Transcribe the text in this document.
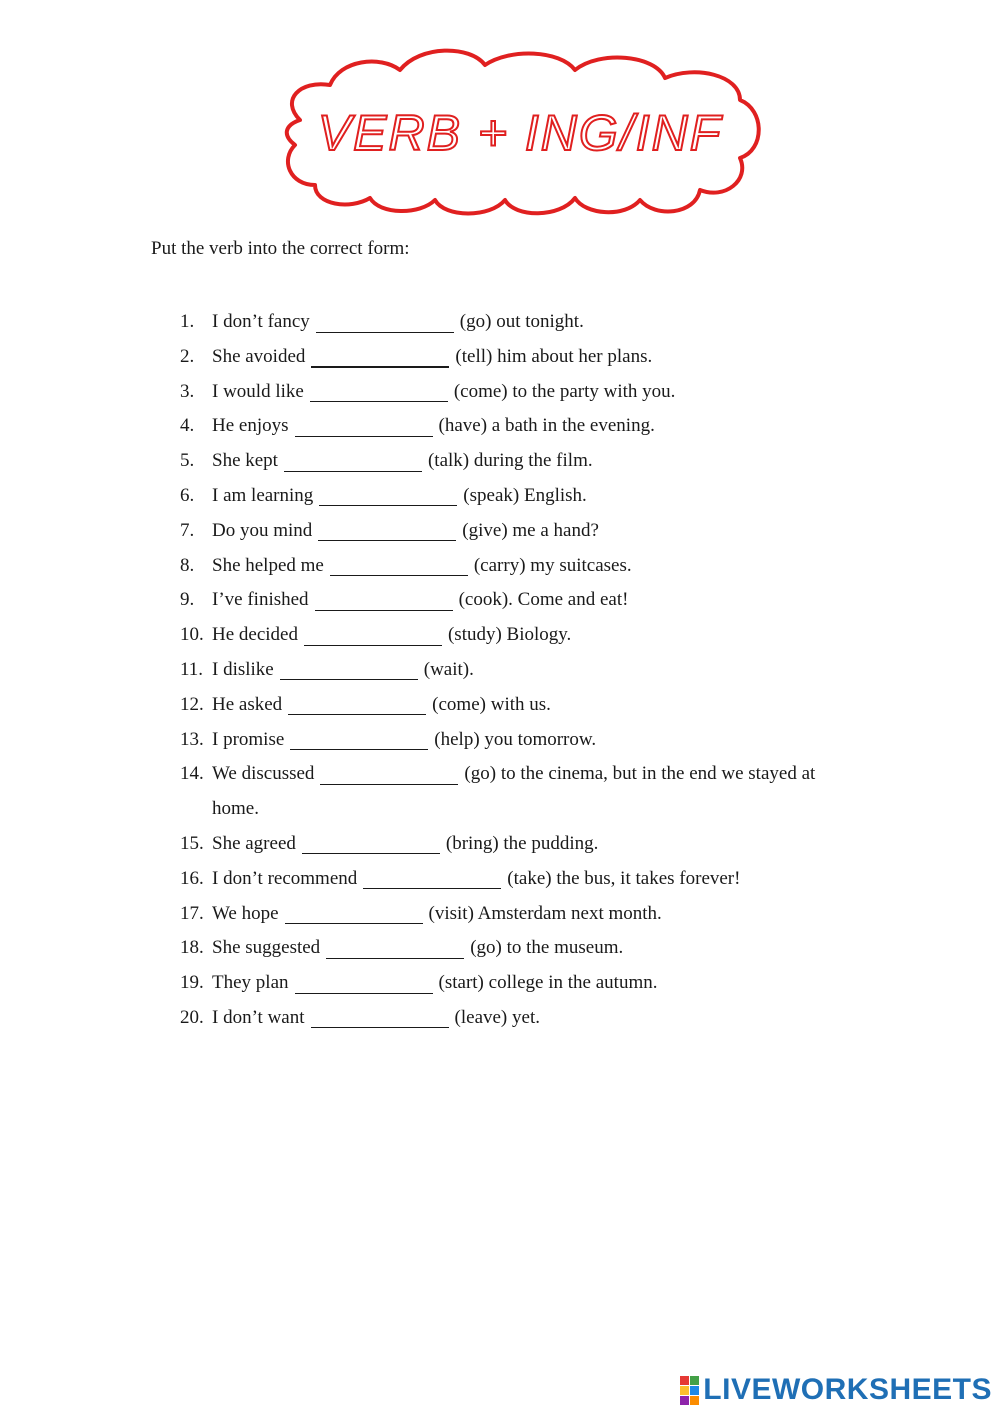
VERB + ING/INF
Put the verb into the correct form:
1. I don’t fancy	(go) out tonight.
2. She avoided	(tell) him about her plans.
3. I would like	(come) to the party with you.
4. He enjoys	(have) a bath in the evening.
5. She kept	(talk) during the film.
6. I am learning	(speak) English.
7. Do you mind	(give) me a hand?
8. She helped me	(carry) my suitcases.
9. I’ve finished	(cook). Come and eat!
10. He decided	(study) Biology.
11. I dislike	(wait).
12. He asked	(come) with us.
13. I promise	(help) you tomorrow.
14. We discussed	(go) to the cinema, but in the end we stayed at
home.
15. She agreed	(bring) the pudding.
16. I don’t recommend	(take) the bus, it takes forever!
17. We hope	(visit) Amsterdam next month.
18. She suggested	(go) to the museum.
19. They plan	(start) college in the autumn.
20. I don’t want	(leave) yet.
LIVEWORKSHEETS
